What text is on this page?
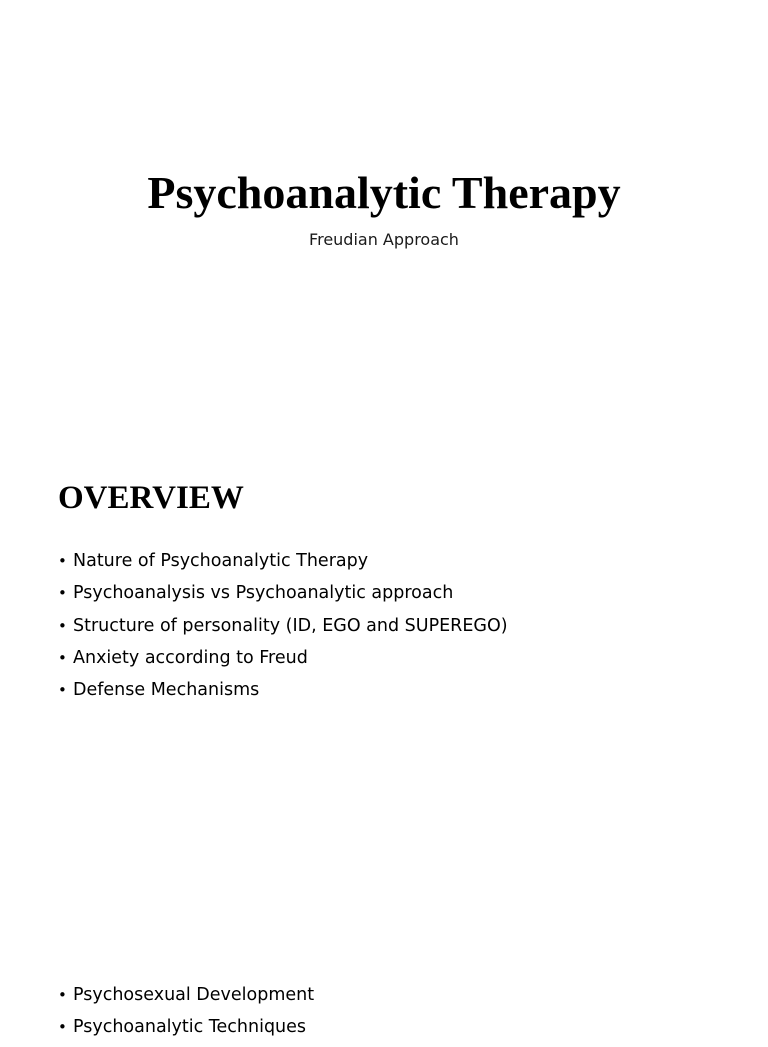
Psychoanalytic Therapy

Freudian Approach

OVERVIEW
• Nature of Psychoanalytic Therapy
• Psychoanalysis vs Psychoanalytic approach
• Structure of personality (ID, EGO and SUPEREGO)
• Anxiety according to Freud
• Defense Mechanisms
• Psychosexual Development
• Psychoanalytic Techniques
